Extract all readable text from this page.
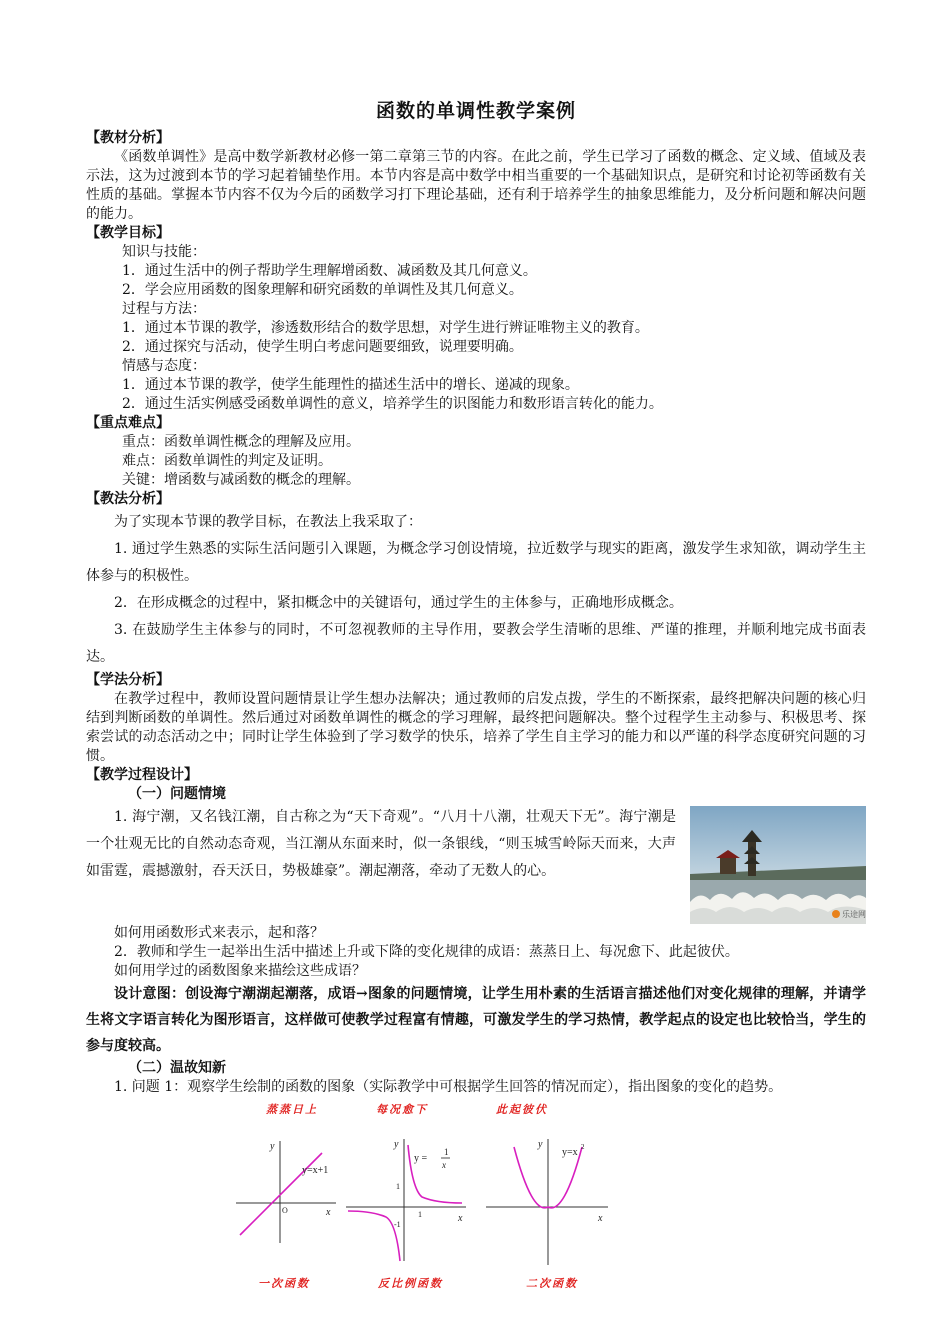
函数的单调性教学案例

【教材分析】

《函数单调性》是高中数学新教材必修一第二章第三节的内容。在此之前，学生已学习了函数的概念、定义域、值域及表示法，这为过渡到本节的学习起着铺垫作用。本节内容是高中数学中相当重要的一个基础知识点，是研究和讨论初等函数有关性质的基础。掌握本节内容不仅为今后的函数学习打下理论基础，还有利于培养学生的抽象思维能力，及分析问题和解决问题的能力。

【教学目标】

知识与技能：

1．通过生活中的例子帮助学生理解增函数、减函数及其几何意义。

2．学会应用函数的图象理解和研究函数的单调性及其几何意义。

过程与方法：

1．通过本节课的教学，渗透数形结合的数学思想，对学生进行辨证唯物主义的教育。

2．通过探究与活动，使学生明白考虑问题要细致，说理要明确。

情感与态度：

1．通过本节课的教学，使学生能理性的描述生活中的增长、递减的现象。

2．通过生活实例感受函数单调性的意义，培养学生的识图能力和数形语言转化的能力。

【重点难点】

重点：函数单调性概念的理解及应用。

难点：函数单调性的判定及证明。

关键：增函数与减函数的概念的理解。

【教法分析】

为了实现本节课的教学目标，在教法上我采取了：

1. 通过学生熟悉的实际生活问题引入课题，为概念学习创设情境，拉近数学与现实的距离，激发学生求知欲，调动学生主体参与的积极性。

2．在形成概念的过程中，紧扣概念中的关键语句，通过学生的主体参与，正确地形成概念。

3. 在鼓励学生主体参与的同时，不可忽视教师的主导作用，要教会学生清晰的思维、严谨的推理，并顺利地完成书面表达。

【学法分析】

在教学过程中，教师设置问题情景让学生想办法解决；通过教师的启发点拨，学生的不断探索，最终把解决问题的核心归结到判断函数的单调性。然后通过对函数单调性的概念的学习理解，最终把问题解决。整个过程学生主动参与、积极思考、探索尝试的动态活动之中；同时让学生体验到了学习数学的快乐，培养了学生自主学习的能力和以严谨的科学态度研究问题的习惯。

【教学过程设计】

（一）问题情境

1. 海宁潮，又名钱江潮，自古称之为“天下奇观”。“八月十八潮，壮观天下无”。海宁潮是一个壮观无比的自然动态奇观，当江潮从东面来时，似一条银线，“则玉城雪岭际天而来，大声如雷霆，震撼激射，吞天沃日，势极雄豪”。潮起潮落，牵动了无数人的心。

乐途网

如何用函数形式来表示，起和落？

2．教师和学生一起举出生活中描述上升或下降的变化规律的成语：蒸蒸日上、每况愈下、此起彼伏。

如何用学过的函数图象来描绘这些成语？

设计意图：创设海宁潮湖起潮落，成语→图象的问题情境，让学生用朴素的生活语言描述他们对变化规律的理解，并请学生将文字语言转化为图形语言，这样做可使教学过程富有情趣，可激发学生的学习热情，教学起点的设定也比较恰当，学生的参与度较高。

（二）温故知新

1. 问题 1：观察学生绘制的函数的图象（实际教学中可根据学生回答的情况而定），指出图象的变化的趋势。

蒸蒸日上	每况愈下	此起彼伏
x
y
O
y=x+1
x
y
1
-1
1
y =
1
x
x
y
y=x 2
一次函数	反比例函数	二次函数
